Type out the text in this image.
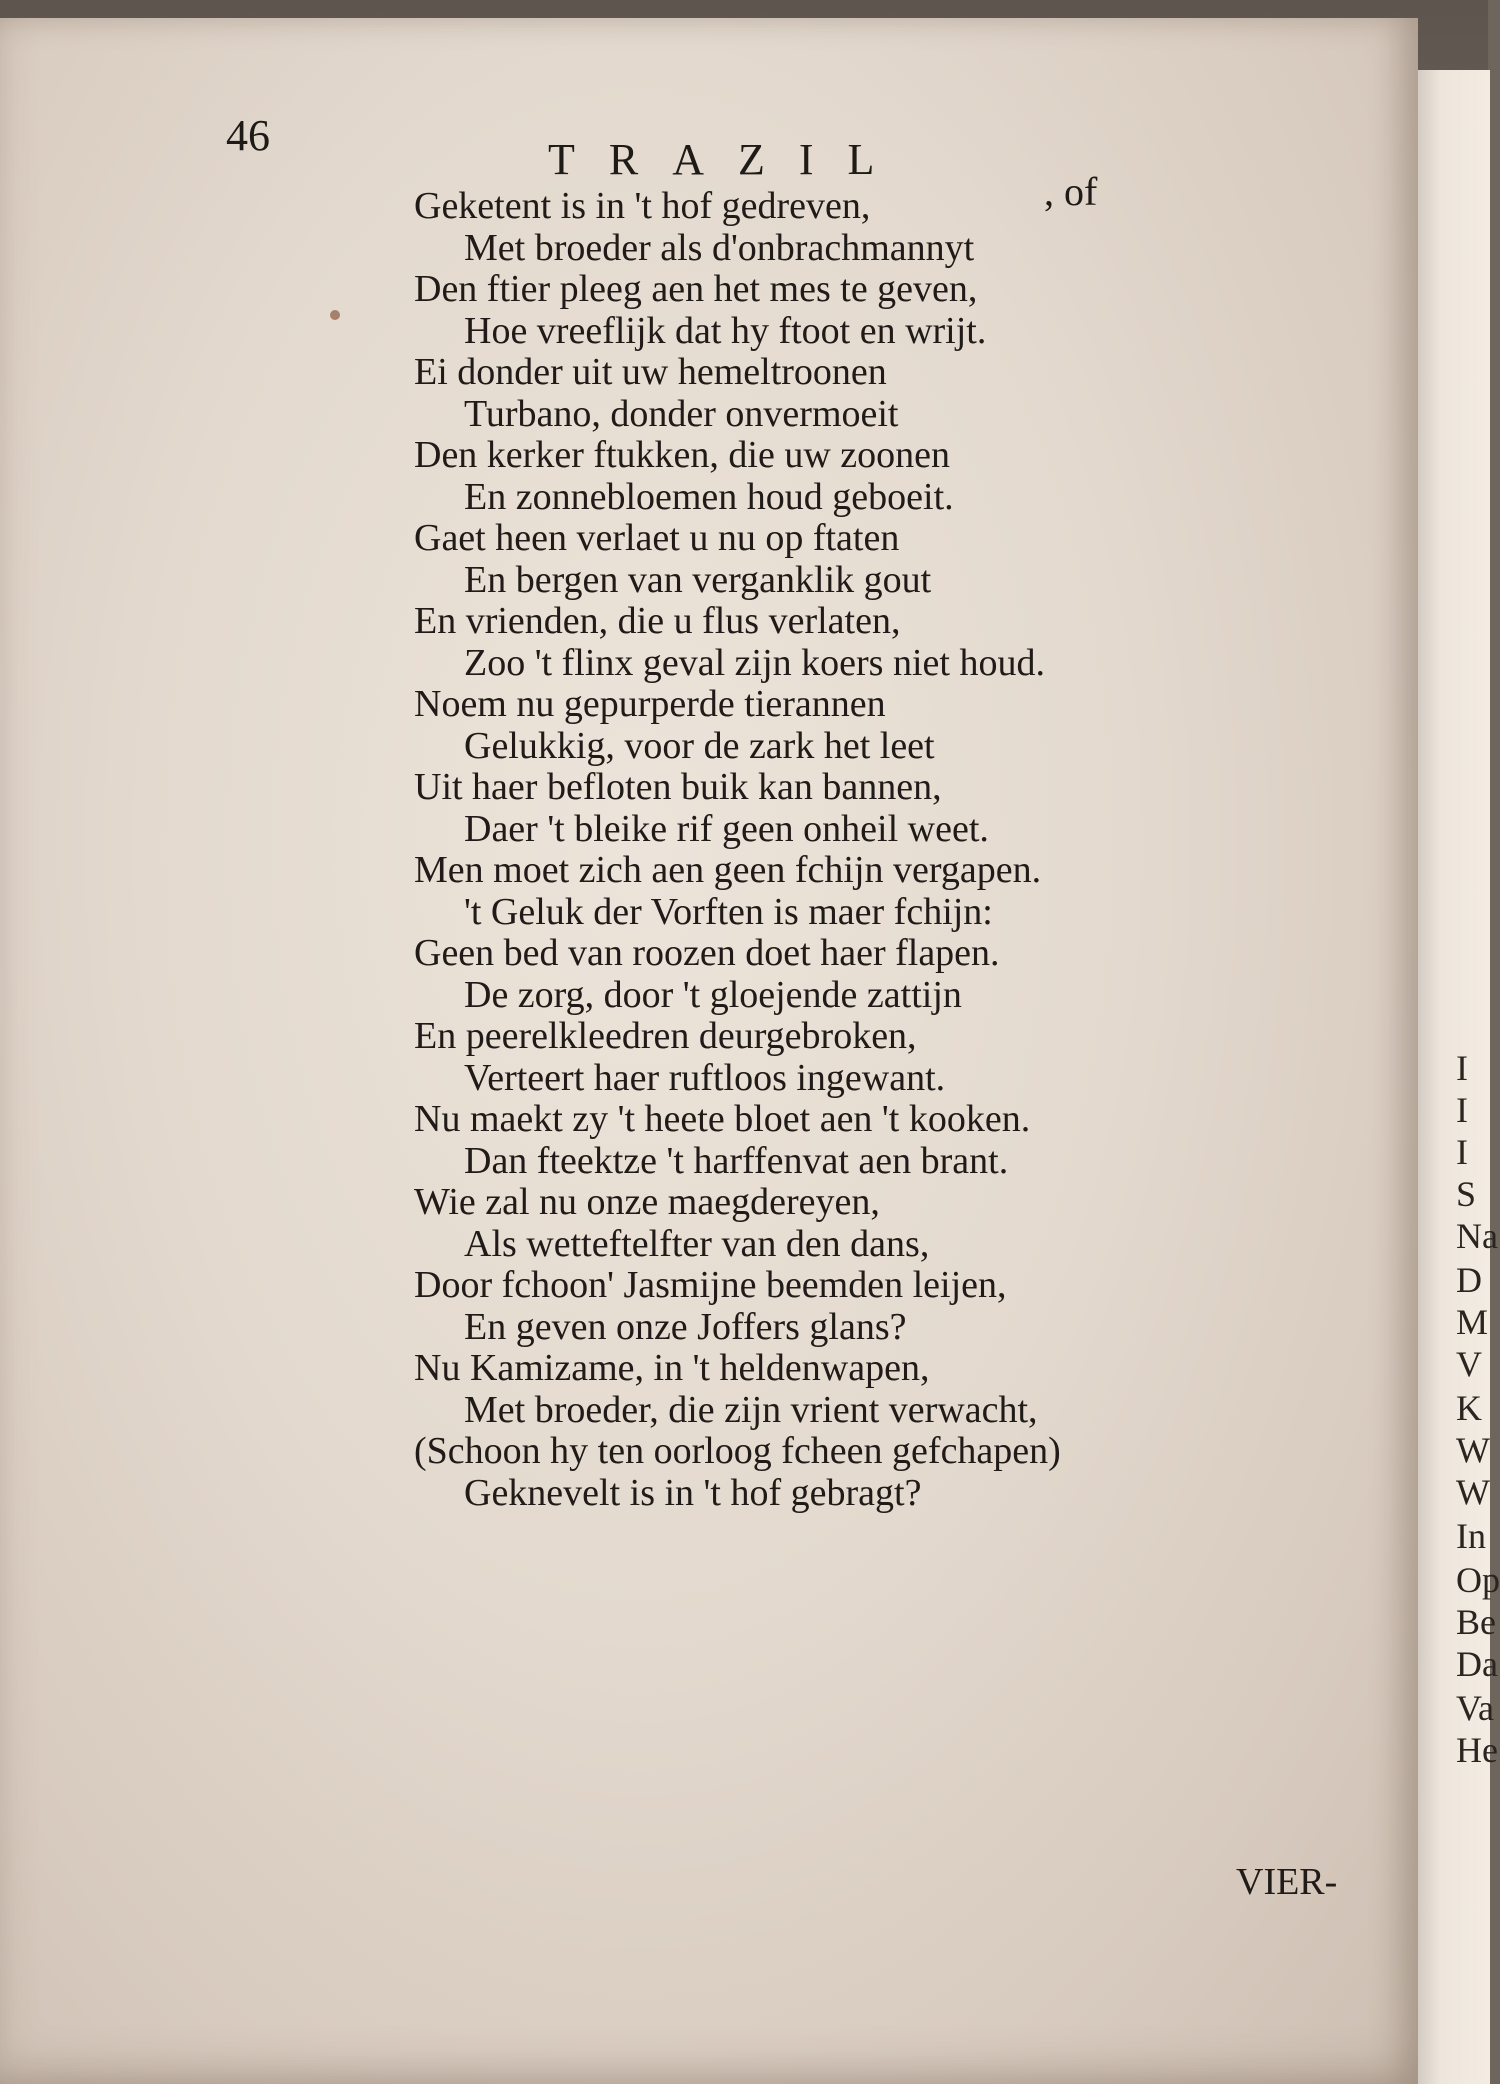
I
I
I
S
Na
D
M
V
K
W
W
In
Op
Be
Da
Va
He
46	TRAZIL
, of
Geketent is in 't hof gedreven,
Met broeder als d'onbrachmannyt
Den ftier pleeg aen het mes te geven,
Hoe vreeflijk dat hy ftoot en wrijt.
Ei donder uit uw hemeltroonen
Turbano, donder onvermoeit
Den kerker ftukken, die uw zoonen
En zonnebloemen houd geboeit.
Gaet heen verlaet u nu op ftaten
En bergen van verganklik gout
En vrienden, die u flus verlaten,
Zoo 't flinx geval zijn koers niet houd.
Noem nu gepurperde tierannen
Gelukkig, voor de zark het leet
Uit haer befloten buik kan bannen,
Daer 't bleike rif geen onheil weet.
Men moet zich aen geen fchijn vergapen.
't Geluk der Vorften is maer fchijn:
Geen bed van roozen doet haer flapen.
De zorg, door 't gloejende zattijn
En peerelkleedren deurgebroken,
Verteert haer ruftloos ingewant.
Nu maekt zy 't heete bloet aen 't kooken.
Dan fteektze 't harffenvat aen brant.
Wie zal nu onze maegdereyen,
Als wetteftelfter van den dans,
Door fchoon' Jasmijne beemden leijen,
En geven onze Joffers glans?
Nu Kamizame, in 't heldenwapen,
Met broeder, die zijn vrient verwacht,
(Schoon hy ten oorloog fcheen gefchapen)
Geknevelt is in 't hof gebragt?
VIER-
